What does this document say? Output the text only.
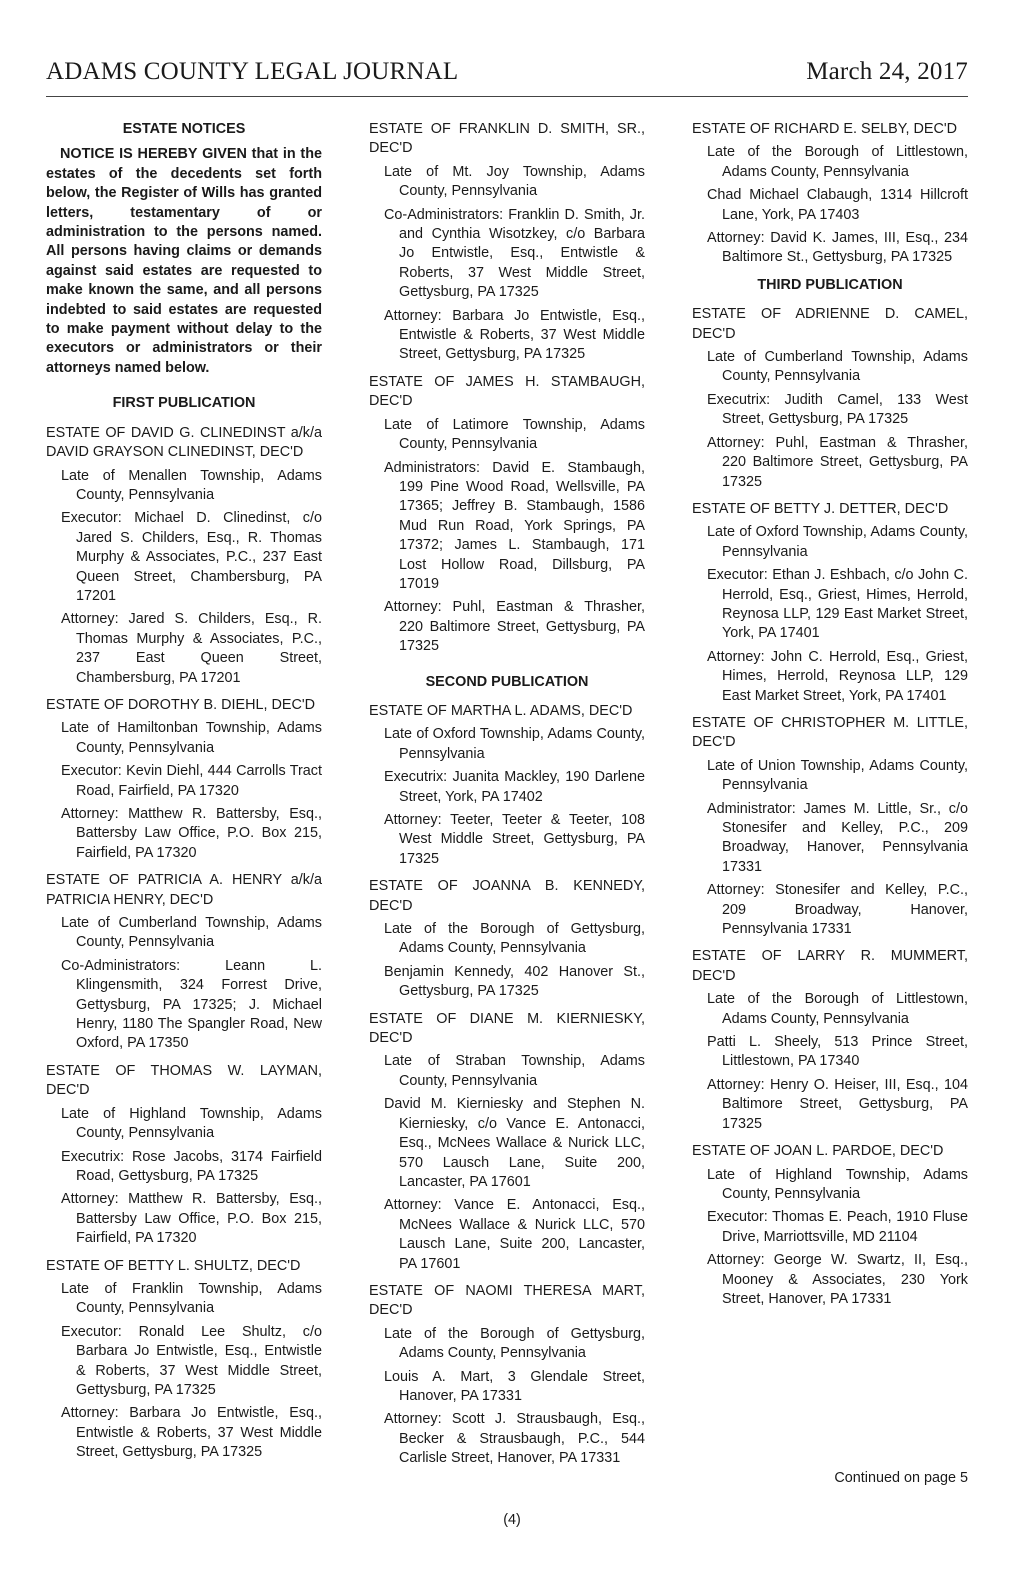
ADAMS COUNTY LEGAL JOURNAL	March 24, 2017
ESTATE NOTICES
NOTICE IS HEREBY GIVEN that in the estates of the decedents set forth below, the Register of Wills has granted letters, testamentary of or administration to the persons named. All persons having claims or demands against said estates are requested to make known the same, and all persons indebted to said estates are requested to make payment without delay to the executors or administrators or their attorneys named below.
FIRST PUBLICATION
ESTATE OF DAVID G. CLINEDINST a/k/a DAVID GRAYSON CLINEDINST, DEC'D
Late of Menallen Township, Adams County, Pennsylvania
Executor: Michael D. Clinedinst, c/o Jared S. Childers, Esq., R. Thomas Murphy & Associates, P.C., 237 East Queen Street, Chambersburg, PA 17201
Attorney: Jared S. Childers, Esq., R. Thomas Murphy & Associates, P.C., 237 East Queen Street, Chambersburg, PA 17201
ESTATE OF DOROTHY B. DIEHL, DEC'D
Late of Hamiltonban Township, Adams County, Pennsylvania
Executor: Kevin Diehl, 444 Carrolls Tract Road, Fairfield, PA 17320
Attorney: Matthew R. Battersby, Esq., Battersby Law Office, P.O. Box 215, Fairfield, PA 17320
ESTATE OF PATRICIA A. HENRY a/k/a PATRICIA HENRY, DEC'D
Late of Cumberland Township, Adams County, Pennsylvania
Co-Administrators: Leann L. Klingensmith, 324 Forrest Drive, Gettysburg, PA 17325; J. Michael Henry, 1180 The Spangler Road, New Oxford, PA 17350
ESTATE OF THOMAS W. LAYMAN, DEC'D
Late of Highland Township, Adams County, Pennsylvania
Executrix: Rose Jacobs, 3174 Fairfield Road, Gettysburg, PA 17325
Attorney: Matthew R. Battersby, Esq., Battersby Law Office, P.O. Box 215, Fairfield, PA 17320
ESTATE OF BETTY L. SHULTZ, DEC'D
Late of Franklin Township, Adams County, Pennsylvania
Executor: Ronald Lee Shultz, c/o Barbara Jo Entwistle, Esq., Entwistle & Roberts, 37 West Middle Street, Gettysburg, PA 17325
Attorney: Barbara Jo Entwistle, Esq., Entwistle & Roberts, 37 West Middle Street, Gettysburg, PA 17325
ESTATE OF FRANKLIN D. SMITH, SR., DEC'D
Late of Mt. Joy Township, Adams County, Pennsylvania
Co-Administrators: Franklin D. Smith, Jr. and Cynthia Wisotzkey, c/o Barbara Jo Entwistle, Esq., Entwistle & Roberts, 37 West Middle Street, Gettysburg, PA 17325
Attorney: Barbara Jo Entwistle, Esq., Entwistle & Roberts, 37 West Middle Street, Gettysburg, PA 17325
ESTATE OF JAMES H. STAMBAUGH, DEC'D
Late of Latimore Township, Adams County, Pennsylvania
Administrators: David E. Stambaugh, 199 Pine Wood Road, Wellsville, PA 17365; Jeffrey B. Stambaugh, 1586 Mud Run Road, York Springs, PA 17372; James L. Stambaugh, 171 Lost Hollow Road, Dillsburg, PA 17019
Attorney: Puhl, Eastman & Thrasher, 220 Baltimore Street, Gettysburg, PA 17325
SECOND PUBLICATION
ESTATE OF MARTHA L. ADAMS, DEC'D
Late of Oxford Township, Adams County, Pennsylvania
Executrix: Juanita Mackley, 190 Darlene Street, York, PA 17402
Attorney: Teeter, Teeter & Teeter, 108 West Middle Street, Gettysburg, PA 17325
ESTATE OF JOANNA B. KENNEDY, DEC'D
Late of the Borough of Gettysburg, Adams County, Pennsylvania
Benjamin Kennedy, 402 Hanover St., Gettysburg, PA 17325
ESTATE OF DIANE M. KIERNIESKY, DEC'D
Late of Straban Township, Adams County, Pennsylvania
David M. Kierniesky and Stephen N. Kierniesky, c/o Vance E. Antonacci, Esq., McNees Wallace & Nurick LLC, 570 Lausch Lane, Suite 200, Lancaster, PA 17601
Attorney: Vance E. Antonacci, Esq., McNees Wallace & Nurick LLC, 570 Lausch Lane, Suite 200, Lancaster, PA 17601
ESTATE OF NAOMI THERESA MART, DEC'D
Late of the Borough of Gettysburg, Adams County, Pennsylvania
Louis A. Mart, 3 Glendale Street, Hanover, PA 17331
Attorney: Scott J. Strausbaugh, Esq., Becker & Strausbaugh, P.C., 544 Carlisle Street, Hanover, PA 17331
ESTATE OF RICHARD E. SELBY, DEC'D
Late of the Borough of Littlestown, Adams County, Pennsylvania
Chad Michael Clabaugh, 1314 Hillcroft Lane, York, PA 17403
Attorney: David K. James, III, Esq., 234 Baltimore St., Gettysburg, PA 17325
THIRD PUBLICATION
ESTATE OF ADRIENNE D. CAMEL, DEC'D
Late of Cumberland Township, Adams County, Pennsylvania
Executrix: Judith Camel, 133 West Street, Gettysburg, PA 17325
Attorney: Puhl, Eastman & Thrasher, 220 Baltimore Street, Gettysburg, PA 17325
ESTATE OF BETTY J. DETTER, DEC'D
Late of Oxford Township, Adams County, Pennsylvania
Executor: Ethan J. Eshbach, c/o John C. Herrold, Esq., Griest, Himes, Herrold, Reynosa LLP, 129 East Market Street, York, PA 17401
Attorney: John C. Herrold, Esq., Griest, Himes, Herrold, Reynosa LLP, 129 East Market Street, York, PA 17401
ESTATE OF CHRISTOPHER M. LITTLE, DEC'D
Late of Union Township, Adams County, Pennsylvania
Administrator: James M. Little, Sr., c/o Stonesifer and Kelley, P.C., 209 Broadway, Hanover, Pennsylvania 17331
Attorney: Stonesifer and Kelley, P.C., 209 Broadway, Hanover, Pennsylvania 17331
ESTATE OF LARRY R. MUMMERT, DEC'D
Late of the Borough of Littlestown, Adams County, Pennsylvania
Patti L. Sheely, 513 Prince Street, Littlestown, PA 17340
Attorney: Henry O. Heiser, III, Esq., 104 Baltimore Street, Gettysburg, PA 17325
ESTATE OF JOAN L. PARDOE, DEC'D
Late of Highland Township, Adams County, Pennsylvania
Executor: Thomas E. Peach, 1910 Fluse Drive, Marriottsville, MD 21104
Attorney: George W. Swartz, II, Esq., Mooney & Associates, 230 York Street, Hanover, PA 17331
Continued on page 5
(4)
